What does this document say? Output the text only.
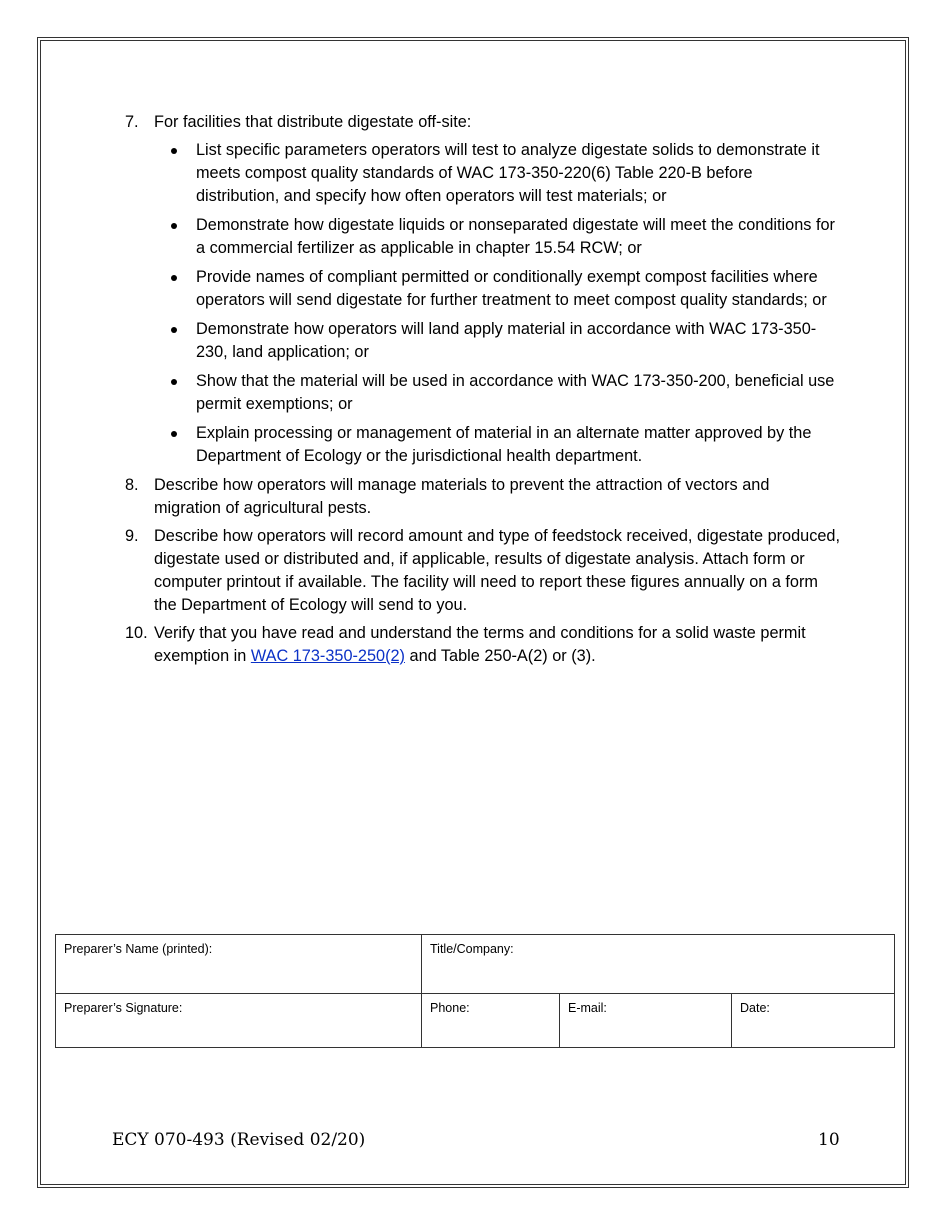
7. For facilities that distribute digestate off-site:
List specific parameters operators will test to analyze digestate solids to demonstrate it meets compost quality standards of WAC 173-350-220(6) Table 220-B before distribution, and specify how often operators will test materials; or
Demonstrate how digestate liquids or nonseparated digestate will meet the conditions for a commercial fertilizer as applicable in chapter 15.54 RCW; or
Provide names of compliant permitted or conditionally exempt compost facilities where operators will send digestate for further treatment to meet compost quality standards; or
Demonstrate how operators will land apply material in accordance with WAC 173-350-230, land application; or
Show that the material will be used in accordance with WAC 173-350-200, beneficial use permit exemptions; or
Explain processing or management of material in an alternate matter approved by the Department of Ecology or the jurisdictional health department.
8. Describe how operators will manage materials to prevent the attraction of vectors and migration of agricultural pests.
9. Describe how operators will record amount and type of feedstock received, digestate produced, digestate used or distributed and, if applicable, results of digestate analysis. Attach form or computer printout if available. The facility will need to report these figures annually on a form the Department of Ecology will send to you.
10. Verify that you have read and understand the terms and conditions for a solid waste permit exemption in WAC 173-350-250(2) and Table 250-A(2) or (3).
Preparer’s Name (printed):	Title/Company:
Preparer’s Signature:	Phone:	E-mail:	Date:
ECY 070-493 (Revised 02/20)	10
